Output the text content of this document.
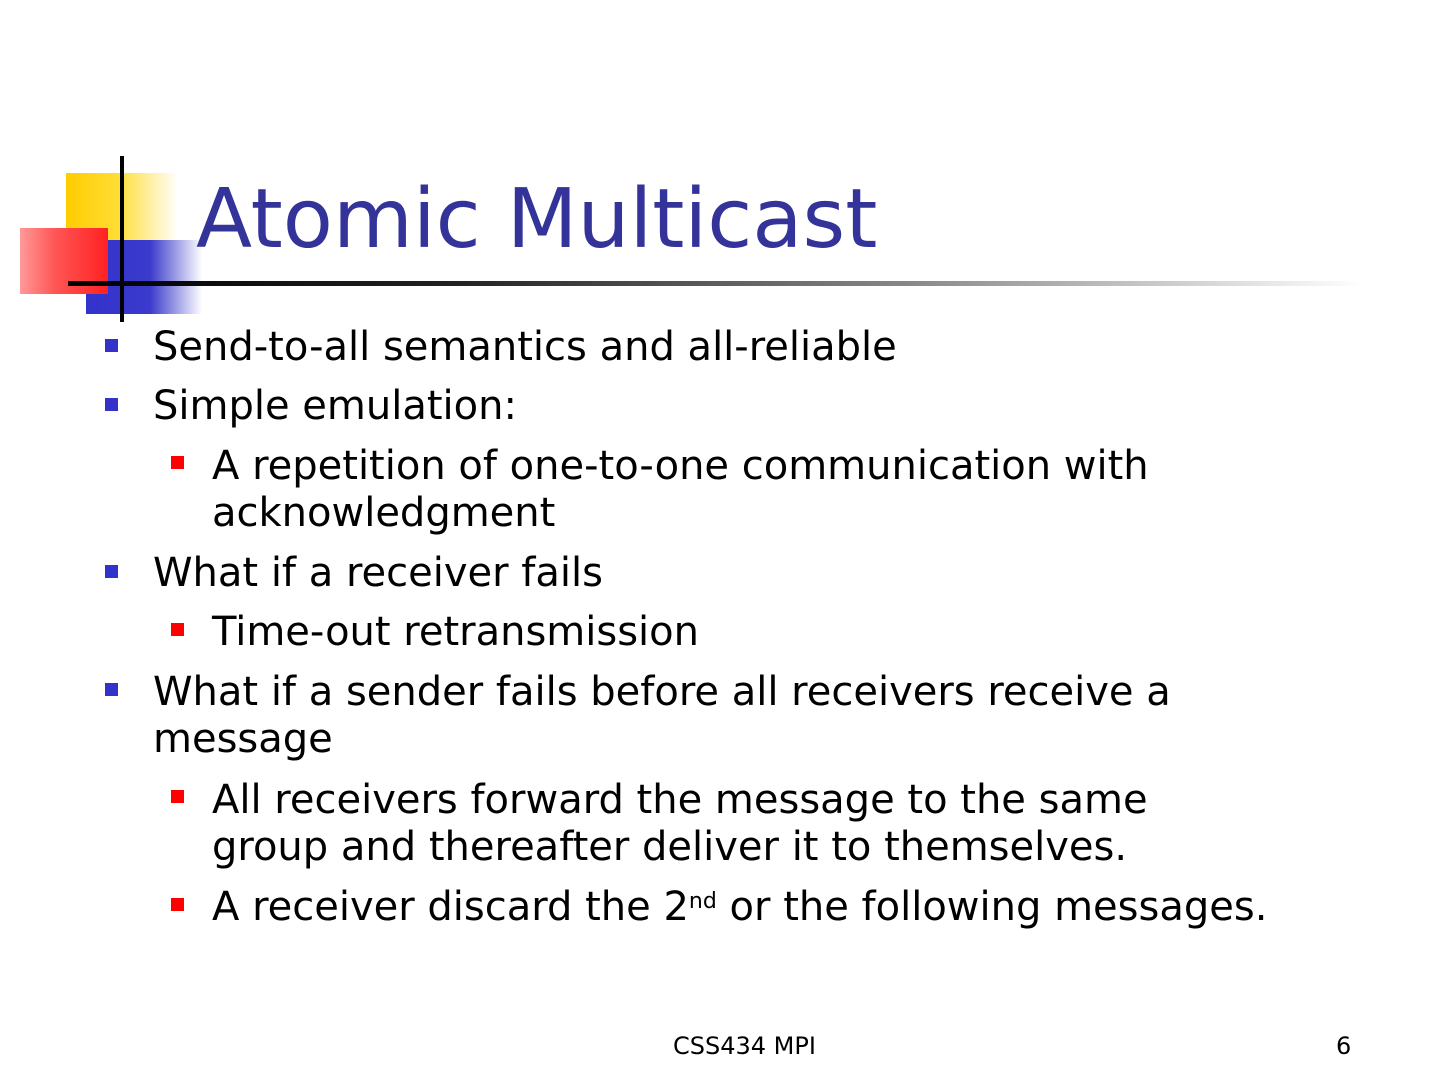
Atomic Multicast
Send-to-all semantics and all-reliable
Simple emulation:
A repetition of one-to-one communication with
acknowledgment
What if a receiver fails
Time-out retransmission
What if a sender fails before all receivers receive a
message
All receivers forward the message to the same
group and thereafter deliver it to themselves.
A receiver discard the 2nd or the following messages.
CSS434 MPI	6
